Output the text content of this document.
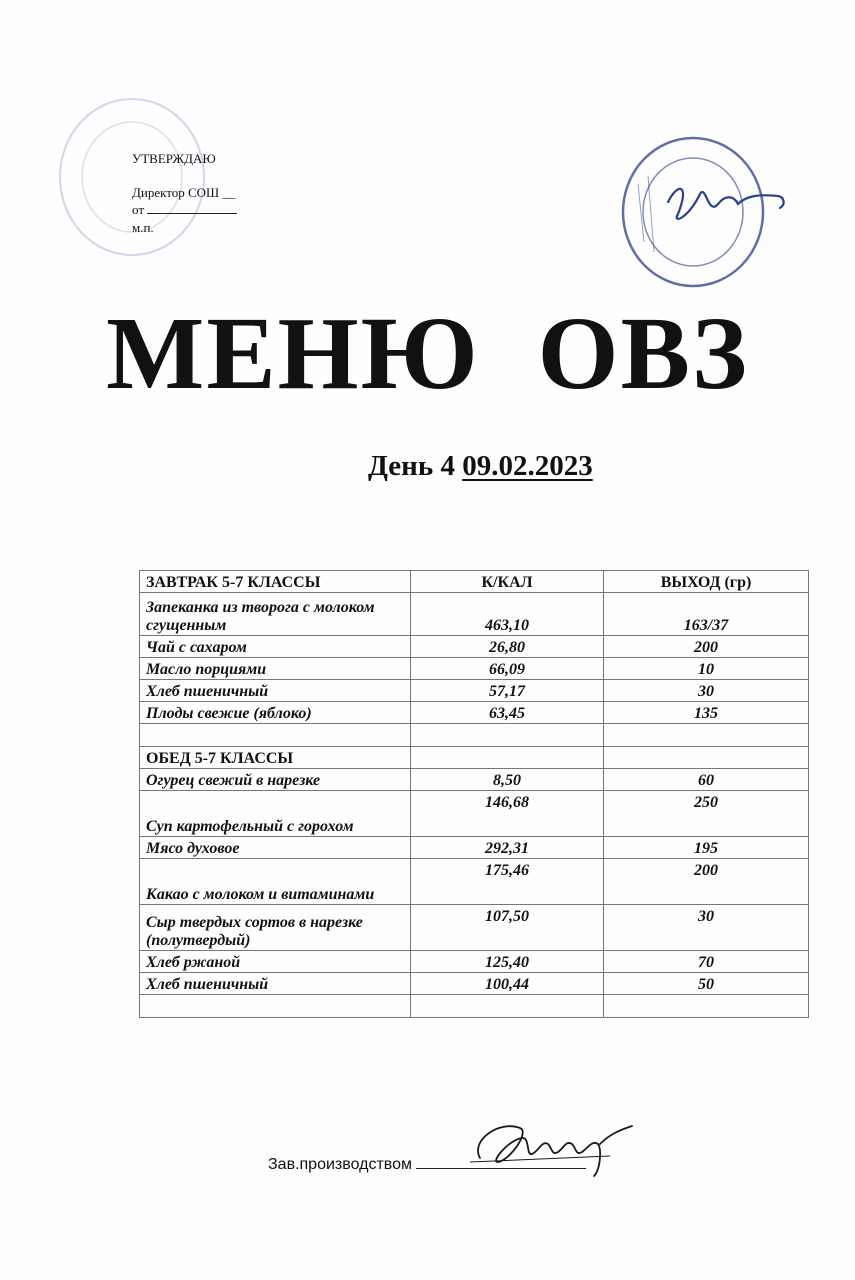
УТВЕРЖДАЮ
Директор СОШ __
от
м.п.
МЕНЮ ОВЗ
День 4 09.02.2023
ЗАВТРАК 5-7 КЛАССЫ	К/КАЛ	ВЫХОД (гр)
Запеканка из творога с молоком сгущенным	463,10	163/37
Чай с сахаром	26,80	200
Масло порциями	66,09	10
Хлеб пшеничный	57,17	30
Плоды свежие (яблоко)	63,45	135

ОБЕД 5-7 КЛАССЫ		
Огурец свежий в нарезке	8,50	60
Суп картофельный с горохом	146,68	250
Мясо духовое	292,31	195
Какао с молоком и витаминами	175,46	200
Сыр твердых сортов в нарезке (полутвердый)	107,50	30
Хлеб ржаной	125,40	70
Хлеб пшеничный	100,44	50

Зав.производством
